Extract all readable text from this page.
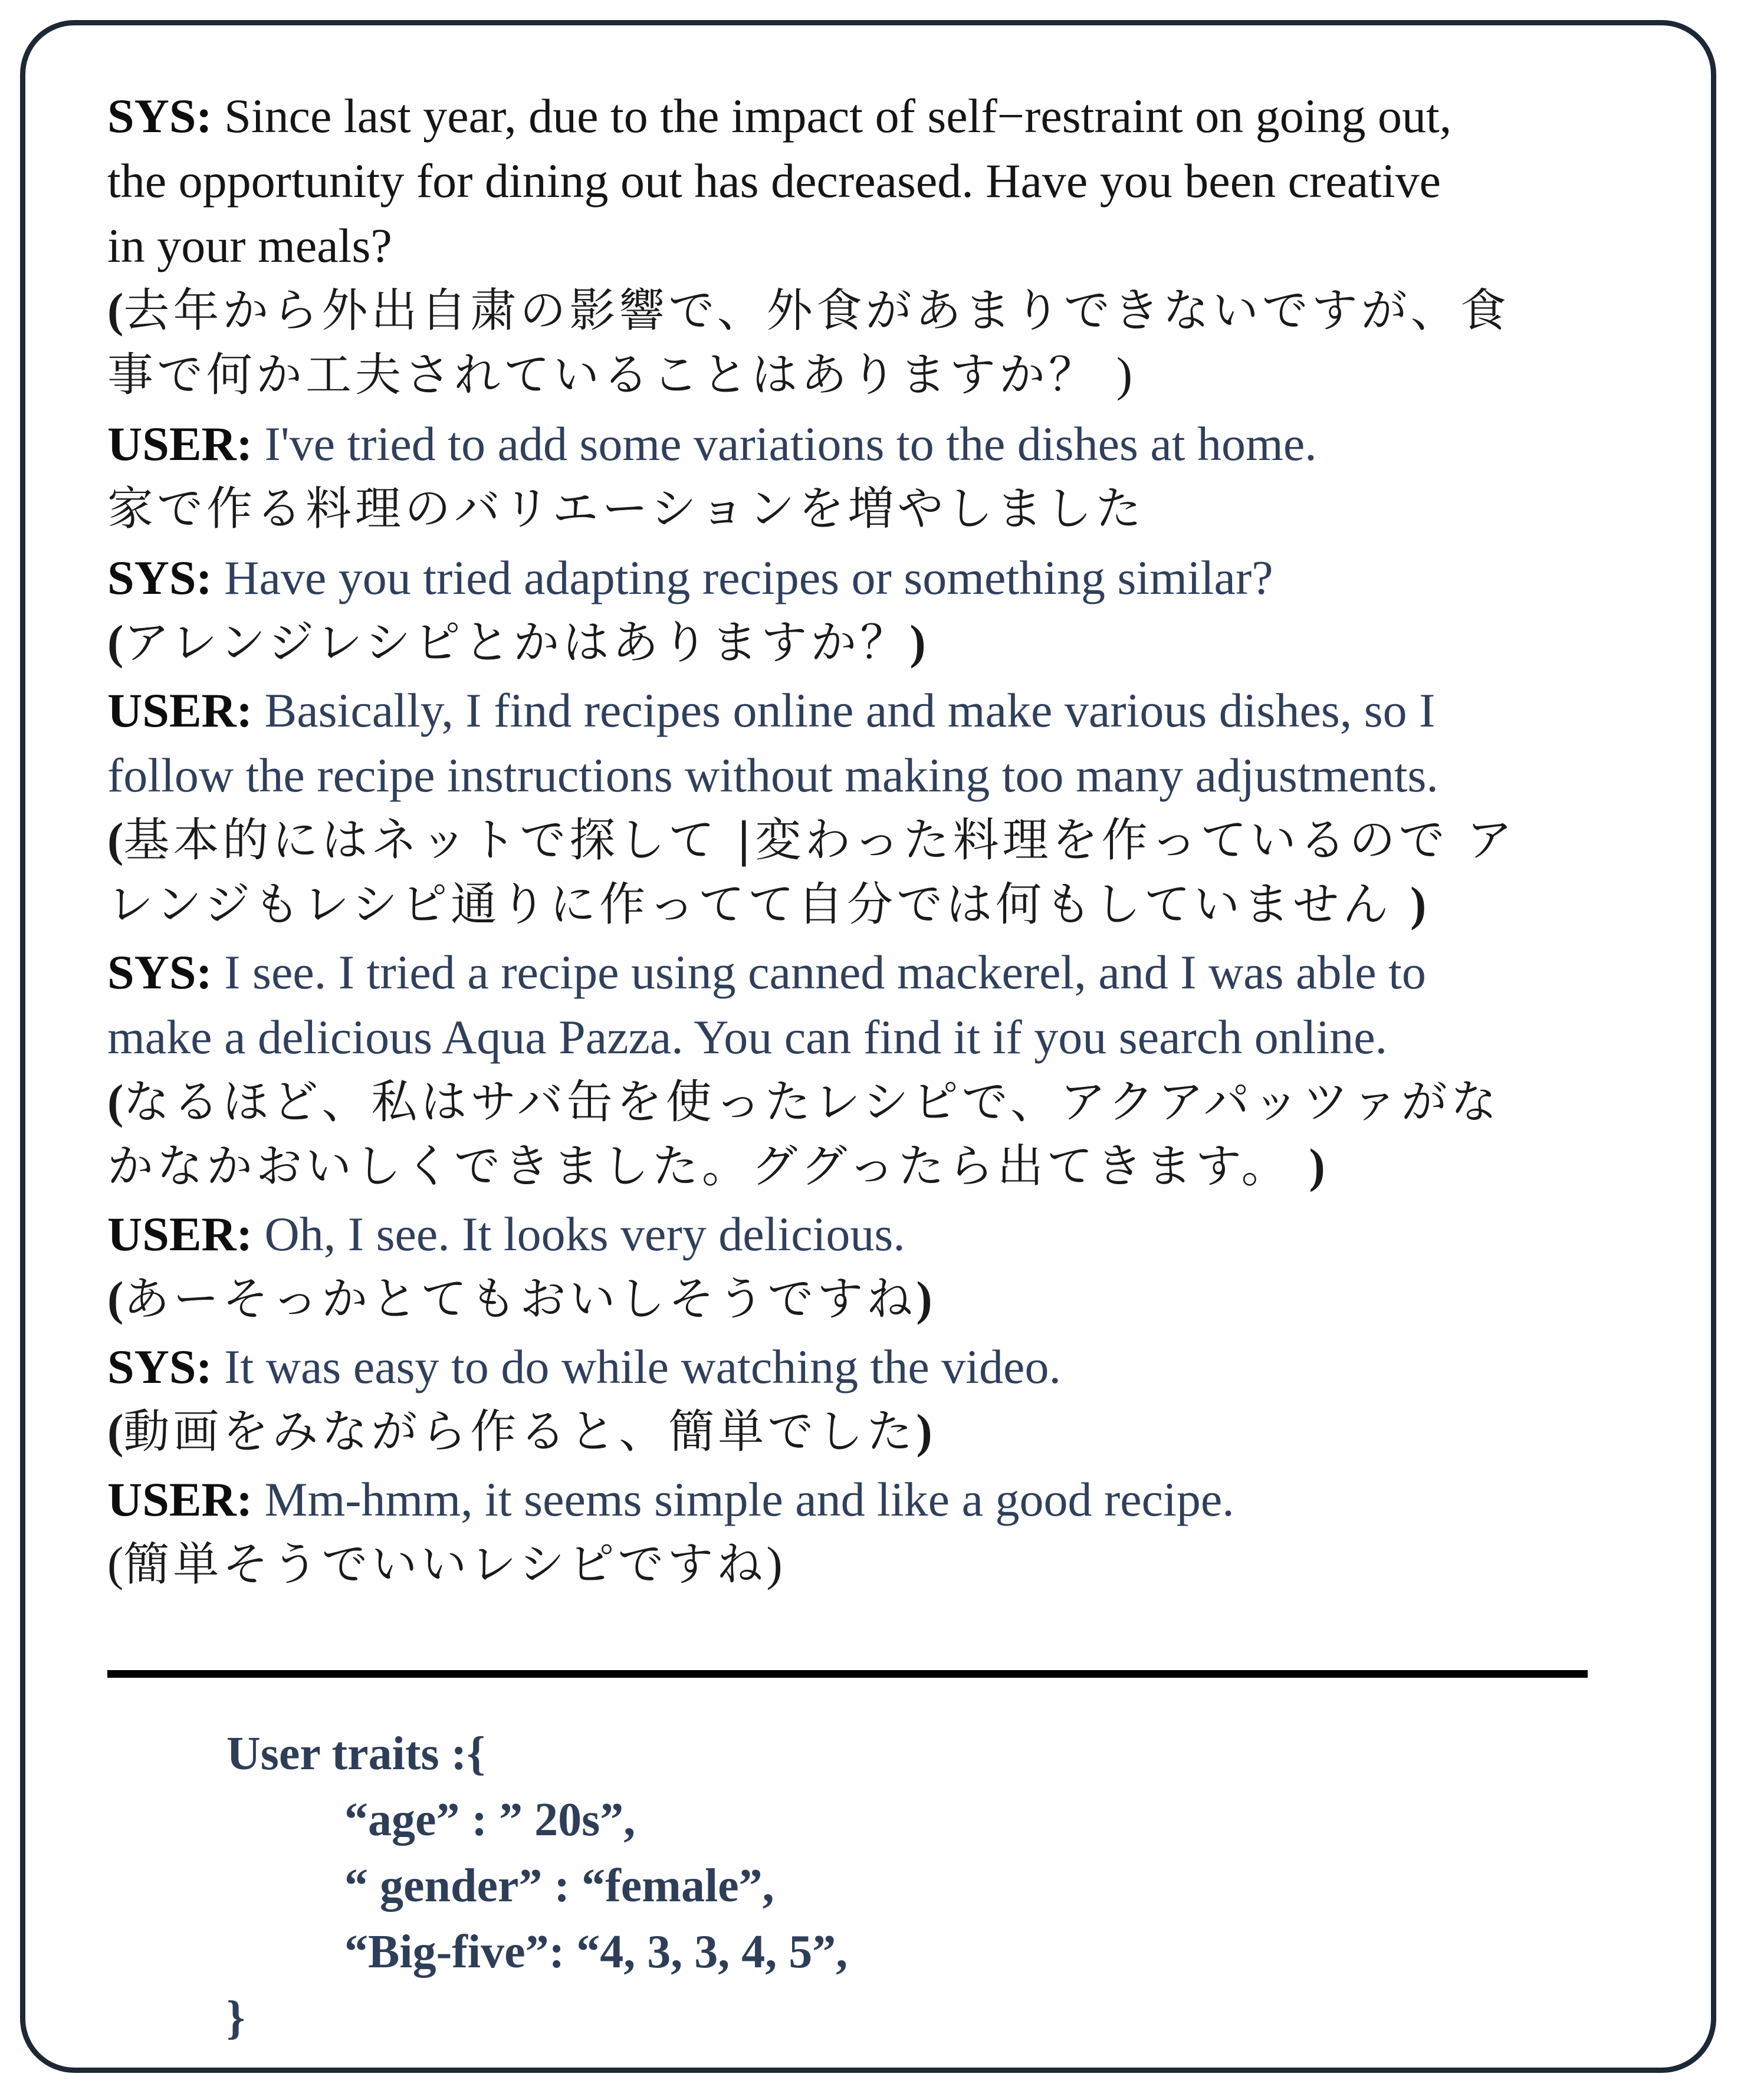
SYS: Since last year, due to the impact of self−restraint on going out,
the opportunity for dining out has decreased. Have you been creative
in your meals?
(去年から外出自粛の影響で、外食があまりできないですが、食
事で何か工夫されていることはありますか？ )
USER: I've tried to add some variations to the dishes at home.
家で作る料理のバリエーションを増やしました
SYS: Have you tried adapting recipes or something similar?
(アレンジレシピとかはありますか？)
USER: Basically, I find recipes online and make various dishes, so I
follow the recipe instructions without making too many adjustments.
(基本的にはネットで探して |変わった料理を作っているので ア
レンジもレシピ通りに作ってて自分では何もしていません )
SYS: I see. I tried a recipe using canned mackerel, and I was able to
make a delicious Aqua Pazza. You can find it if you search online.
(なるほど、私はサバ缶を使ったレシピで、アクアパッツァがな
かなかおいしくできました。ググったら出てきます。 )
USER: Oh, I see. It looks very delicious.
(あーそっかとてもおいしそうですね)
SYS: It was easy to do while watching the video.
(動画をみながら作ると、簡単でした)
USER: Mm-hmm, it seems simple and like a good recipe.
(簡単そうでいいレシピですね)
User traits :{
“age” : ” 20s”,
“ gender” : “female”,
“Big-five”: “4, 3, 3, 4, 5”,
}
